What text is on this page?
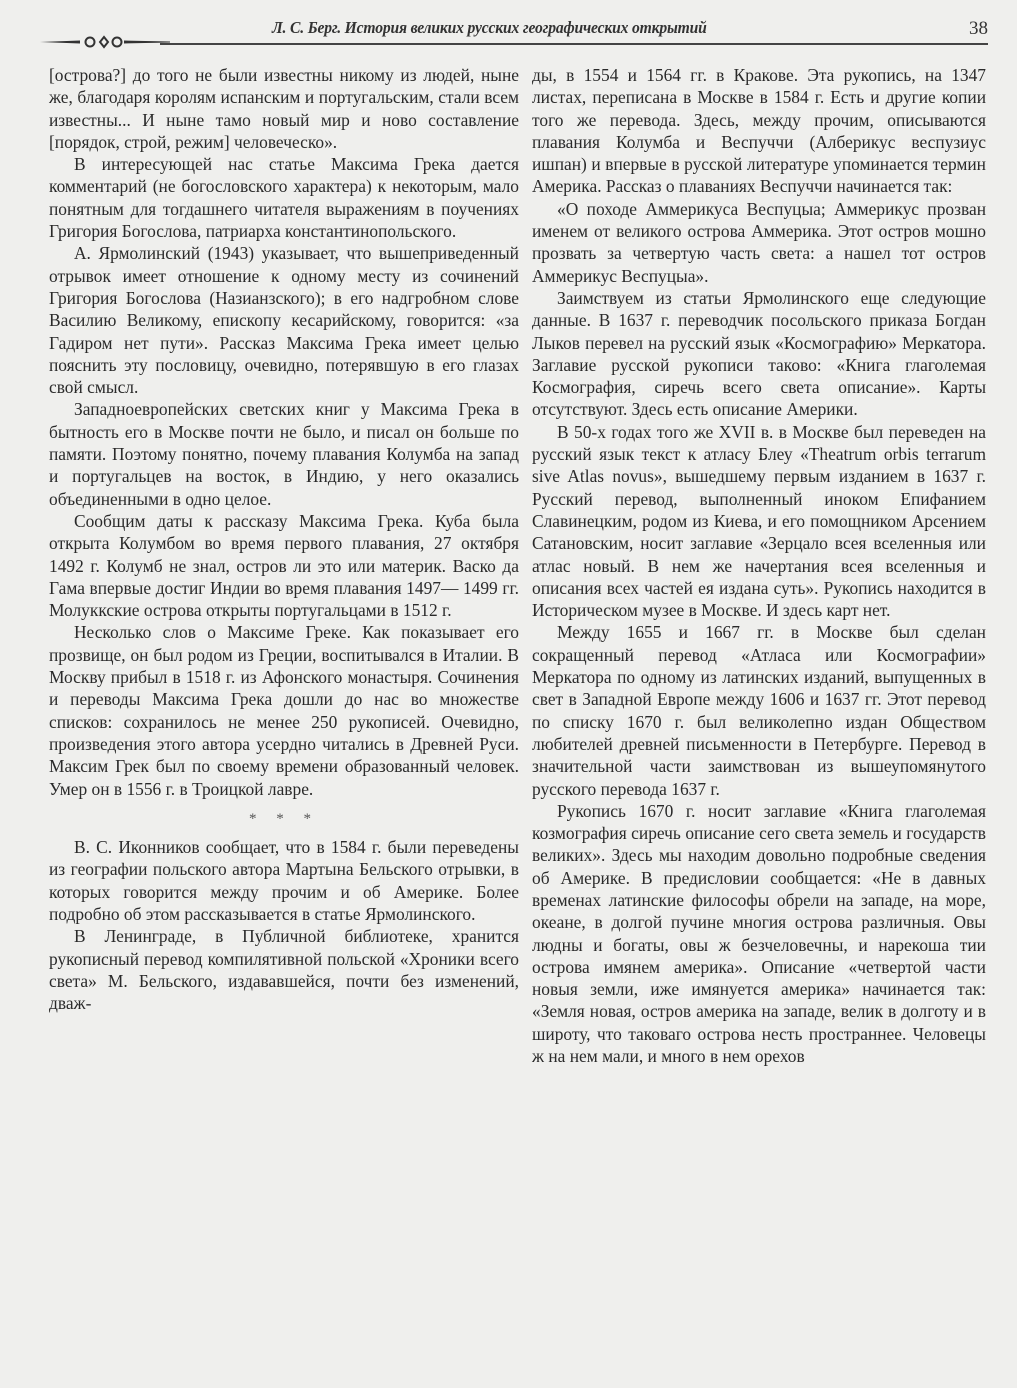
Л. С. Берг. История великих русских географических открытий	38

[острова?] до того не были известны никому из людей, ныне же, благодаря королям испанским и португальским, стали всем известны... И ныне тамо новый мир и ново составление [порядок, строй, режим] человеческо».

В интересующей нас статье Максима Грека дается комментарий (не богословского характера) к некоторым, мало понятным для тогдашнего читателя выражениям в поучениях Григория Богослова, патриарха константинопольского.

А. Ярмолинский (1943) указывает, что вышеприведенный отрывок имеет отношение к одному месту из сочинений Григория Богослова (Назианзского); в его надгробном слове Василию Великому, епископу кесарийскому, говорится: «за Гадиром нет пути». Рассказ Максима Грека имеет целью пояснить эту пословицу, очевидно, потерявшую в его глазах свой смысл.

Западноевропейских светских книг у Максима Грека в бытность его в Москве почти не было, и писал он больше по памяти. Поэтому понятно, почему плавания Колумба на запад и португальцев на восток, в Индию, у него оказались объединенными в одно целое.

Сообщим даты к рассказу Максима Грека. Куба была открыта Колумбом во время первого плавания, 27 октября 1492 г. Колумб не знал, остров ли это или материк. Васко да Гама впервые достиг Индии во время плавания 1497— 1499 гг. Молуккские острова открыты португальцами в 1512 г.

Несколько слов о Максиме Греке. Как показывает его прозвище, он был родом из Греции, воспитывался в Италии. В Москву прибыл в 1518 г. из Афонского монастыря. Сочинения и переводы Максима Грека дошли до нас во множестве списков: сохранилось не менее 250 рукописей. Очевидно, произведения этого автора усердно читались в Древней Руси. Максим Грек был по своему времени образованный человек. Умер он в 1556 г. в Троицкой лавре.

* * *

В. С. Иконников сообщает, что в 1584 г. были переведены из географии польского автора Мартына Бельского отрывки, в которых говорится между прочим и об Америке. Более подробно об этом рассказывается в статье Ярмолинского.

В Ленинграде, в Публичной библиотеке, хранится рукописный перевод компилятивной польской «Хроники всего света» М. Бельского, издававшейся, почти без изменений, дваж-

ды, в 1554 и 1564 гг. в Кракове. Эта рукопись, на 1347 листах, переписана в Москве в 1584 г. Есть и другие копии того же перевода. Здесь, между прочим, описываются плавания Колумба и Веспуччи (Алберикус веспузиус ишпан) и впервые в русской литературе упоминается термин Америка. Рассказ о плаваниях Веспуччи начинается так:

«О походе Аммерикуса Веспуцыа; Аммерикус прозван именем от великого острова Аммерика. Этот остров мошно прозвать за четвертую часть света: а нашел тот остров Аммерикус Веспуцыа».

Заимствуем из статьи Ярмолинского еще следующие данные. В 1637 г. переводчик посольского приказа Богдан Лыков перевел на русский язык «Космографию» Меркатора. Заглавие русской рукописи таково: «Книга глаголемая Космография, сиречь всего света описание». Карты отсутствуют. Здесь есть описание Америки.

В 50-х годах того же XVII в. в Москве был переведен на русский язык текст к атласу Блеу «Theatrum orbis terrarum sive Atlas novus», вышедшему первым изданием в 1637 г. Русский перевод, выполненный иноком Епифанием Славинецким, родом из Киева, и его помощником Арсением Сатановским, носит заглавие «Зерцало всея вселенныя или атлас новый. В нем же начертания всея вселенныя и описания всех частей ея издана суть». Рукопись находится в Историческом музее в Москве. И здесь карт нет.

Между 1655 и 1667 гг. в Москве был сделан сокращенный перевод «Атласа или Космографии» Меркатора по одному из латинских изданий, выпущенных в свет в Западной Европе между 1606 и 1637 гг. Этот перевод по списку 1670 г. был великолепно издан Обществом любителей древней письменности в Петербурге. Перевод в значительной части заимствован из вышеупомянутого русского перевода 1637 г.

Рукопись 1670 г. носит заглавие «Книга глаголемая козмография сиречь описание сего света земель и государств великих». Здесь мы находим довольно подробные сведения об Америке. В предисловии сообщается: «Не в давных временах латинские философы обрели на западе, на море, океане, в долгой пучине многия острова различныя. Овы людны и богаты, овы ж безчеловечны, и нарекоша тии острова имянем америка». Описание «четвертой части новыя земли, иже имянуется америка» начинается так: «Земля новая, остров америка на западе, велик в долготу и в широту, что таковаго острова несть пространнее. Человецы ж на нем мали, и много в нем орехов
